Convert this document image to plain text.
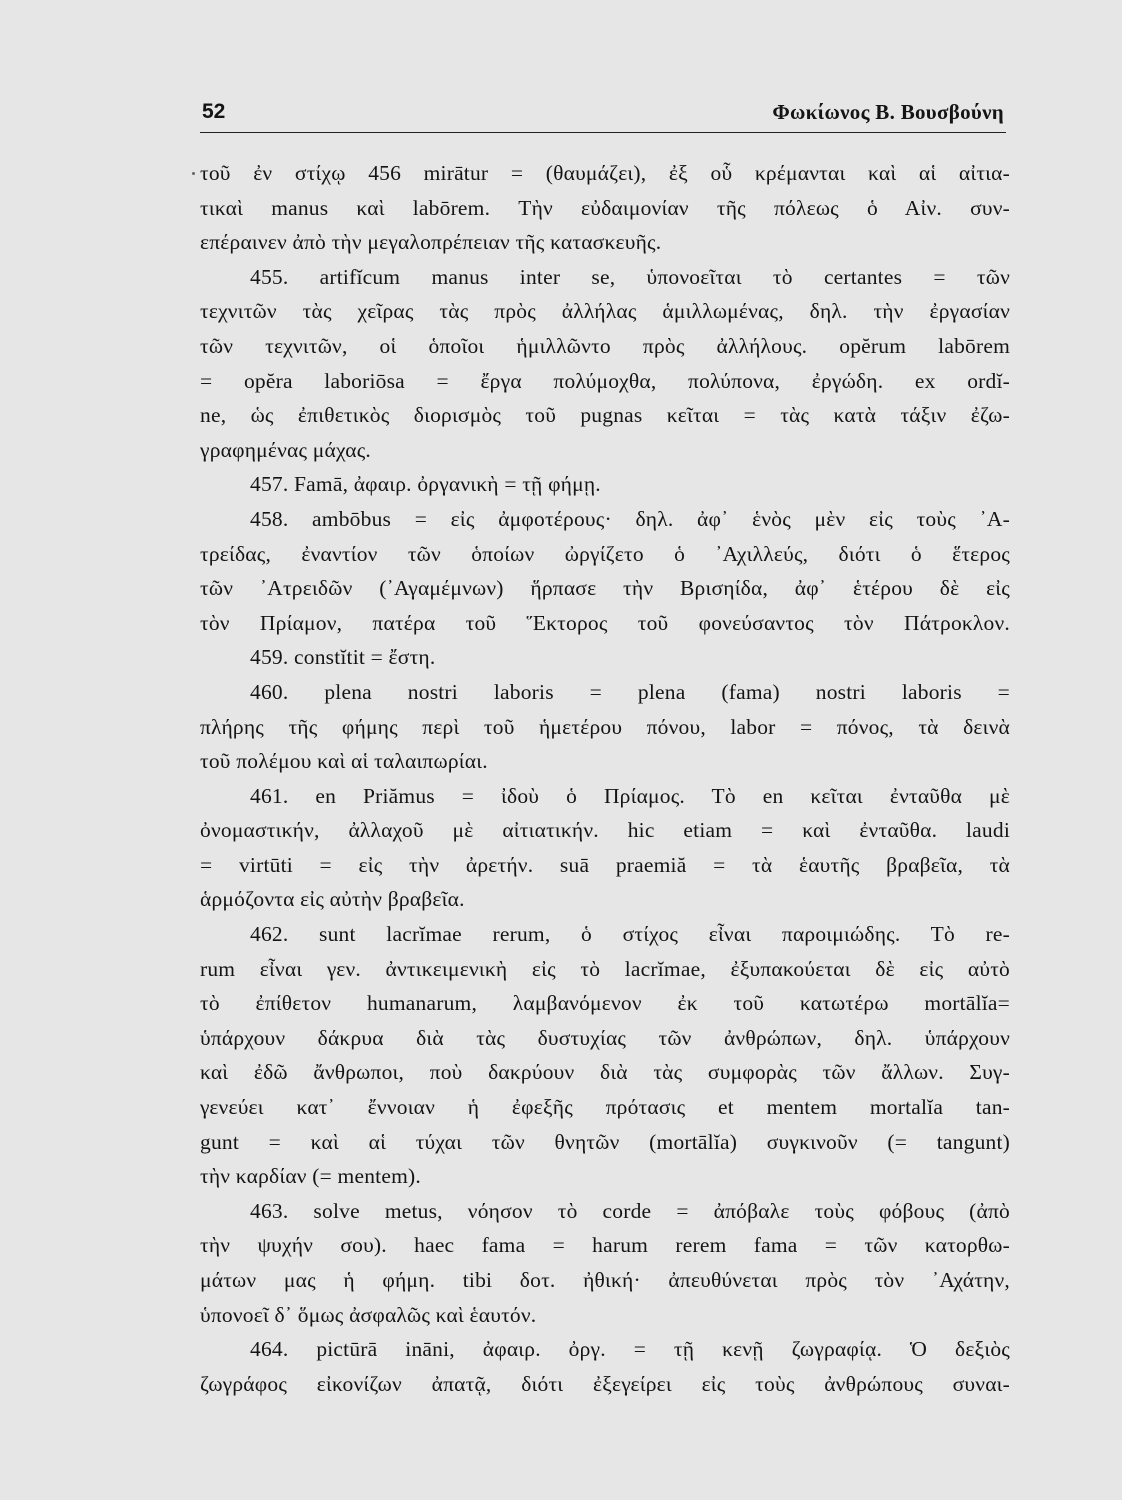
52	Φωκίωνος Β. Βουσβούνη
τοῦ ἐν στίχῳ 456 mirātur = (θαυμάζει), ἐξ οὗ κρέμανται καὶ αἱ αἰτια-
τικαὶ manus καὶ labōrem. Τὴν εὐδαιμονίαν τῆς πόλεως ὁ Αἰν. συν-
επέραινεν ἀπὸ τὴν μεγαλοπρέπειαν τῆς κατασκευῆς.
455. artifĭcum manus inter se, ὑπονοεῖται τὸ certantes = τῶν
τεχνιτῶν τὰς χεῖρας τὰς πρὸς ἀλλήλας ἁμιλλωμένας, δηλ. τὴν ἐργασίαν
τῶν τεχνιτῶν, οἱ ὁποῖοι ἡμιλλῶντο πρὸς ἀλλήλους. opĕrum labōrem
= opĕra laboriōsa = ἔργα πολύμοχθα, πολύπονα, ἐργώδη. ex ordĭ-
ne, ὡς ἐπιθετικὸς διορισμὸς τοῦ pugnas κεῖται = τὰς κατὰ τάξιν ἐζω-
γραφημένας μάχας.
457. Famā, ἀφαιρ. ὀργανικὴ = τῇ φήμῃ.
458. ambōbus = εἰς ἀμφοτέρους· δηλ. ἀφ᾿ ἑνὸς μὲν εἰς τοὺς ᾿Α-
τρείδας, ἐναντίον τῶν ὁποίων ὠργίζετο ὁ ᾿Αχιλλεύς, διότι ὁ ἕτερος
τῶν ᾿Ατρειδῶν (᾿Αγαμέμνων) ἥρπασε τὴν Βρισηίδα, ἀφ᾿ ἑτέρου δὲ εἰς
τὸν Πρίαμον, πατέρα τοῦ Ἕκτορος τοῦ φονεύσαντος τὸν Πάτροκλον.
459. constĭtit = ἔστη.
460. plena nostri laboris = plena (fama) nostri laboris =
πλήρης τῆς φήμης περὶ τοῦ ἡμετέρου πόνου, labor = πόνος, τὰ δεινὰ
τοῦ πολέμου καὶ αἱ ταλαιπωρίαι.
461. en Priămus = ἰδοὺ ὁ Πρίαμος. Τὸ en κεῖται ἐνταῦθα μὲ
ὀνομαστικήν, ἀλλαχοῦ μὲ αἰτιατικήν. hic etiam = καὶ ἐνταῦθα. laudi
= virtūti = εἰς τὴν ἀρετήν. suā praemiă = τὰ ἑαυτῆς βραβεῖα, τὰ
ἁρμόζοντα εἰς αὐτὴν βραβεῖα.
462. sunt lacrĭmae rerum, ὁ στίχος εἶναι παροιμιώδης. Τὸ re-
rum εἶναι γεν. ἀντικειμενικὴ εἰς τὸ lacrĭmae, ἐξυπακούεται δὲ εἰς αὐτὸ
τὸ ἐπίθετον humanarum, λαμβανόμενον ἐκ τοῦ κατωτέρω mortālĭa=
ὑπάρχουν δάκρυα διὰ τὰς δυστυχίας τῶν ἀνθρώπων, δηλ. ὑπάρχουν
καὶ ἐδῶ ἄνθρωποι, ποὺ δακρύουν διὰ τὰς συμφορὰς τῶν ἄλλων. Συγ-
γενεύει κατ᾿ ἔννοιαν ἡ ἐφεξῆς πρότασις et mentem mortalĭa tan-
gunt = καὶ αἱ τύχαι τῶν θνητῶν (mortālĭa) συγκινοῦν (= tangunt)
τὴν καρδίαν (= mentem).
463. solve metus, νόησον τὸ corde = ἀπόβαλε τοὺς φόβους (ἀπὸ
τὴν ψυχήν σου). haec fama = harum rerem fama = τῶν κατορθω-
μάτων μας ἡ φήμη. tibi δοτ. ἠθική· ἀπευθύνεται πρὸς τὸν ᾿Αχάτην,
ὑπονοεῖ δ᾿ ὅμως ἀσφαλῶς καὶ ἑαυτόν.
464. pictūrā ināni, ἀφαιρ. ὀργ. = τῇ κενῇ ζωγραφίᾳ. Ὁ δεξιὸς
ζωγράφος εἰκονίζων ἀπατᾷ, διότι ἐξεγείρει εἰς τοὺς ἀνθρώπους συναι-
